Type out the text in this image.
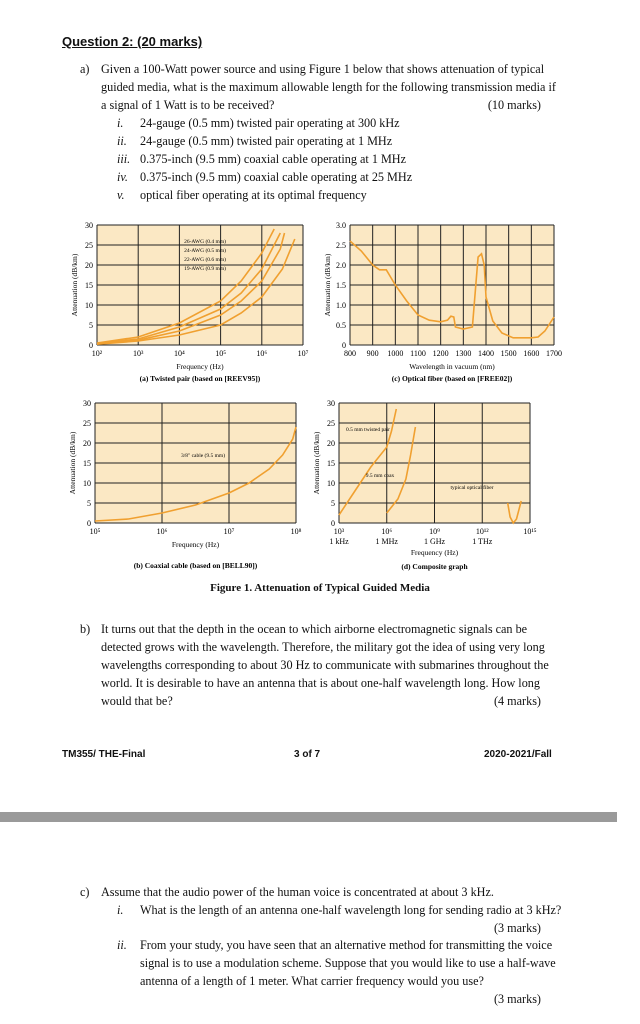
Question 2: (20 marks)
a) Given a 100-Watt power source and using Figure 1 below that shows attenuation of typical
guided media, what is the maximum allowable length for the following transmission media if
a signal of 1 Watt is to be received?	(10 marks)
i. 24-gauge (0.5 mm) twisted pair operating at 300 kHz
ii. 24-gauge (0.5 mm) twisted pair operating at 1 MHz
iii. 0.375-inch (9.5 mm) coaxial cable operating at 1 MHz
iv. 0.375-inch (9.5 mm) coaxial cable operating at 25 MHz
v. optical fiber operating at its optimal frequency
0
5
10
15
20
25
30
10²	10³	10⁴	10⁵	10⁶	10⁷
26-AWG (0.4 mm)
24-AWG (0.5 mm)
22-AWG (0.6 mm)
19-AWG (0.9 mm)
Frequency (Hz)
Attenuation (dB/km)
(a) Twisted pair (based on [REEV95])
0
0.5
1.0
1.5
2.0
2.5
3.0
800 900 1000 1100 1200 1300 1400 1500 1600 1700
Wavelength in vacuum (nm)
Attenuation (dB/km)
(c) Optical fiber (based on [FREE02])
0
5
10
15
20
25
30
10⁵	10⁶	10⁷	10⁸
3/8" cable (9.5 mm)
Frequency (Hz)
Attenuation (dB/km)
(b) Coaxial cable (based on [BELL90])
0
5
10
15
20
25
30
10³
1 kHz
10⁶
1 MHz
10⁹
1 GHz
10¹²
1 THz
10¹⁵
0.5 mm twisted pair
9.5 mm coax
typical optical fiber
Frequency (Hz)
Attenuation (dB/km)
(d) Composite graph
Figure 1. Attenuation of Typical Guided Media
b) It turns out that the depth in the ocean to which airborne electromagnetic signals can be
detected grows with the wavelength. Therefore, the military got the idea of using very long
wavelengths corresponding to about 30 Hz to communicate with submarines throughout the
world. It is desirable to have an antenna that is about one-half wavelength long. How long
would that be?	(4 marks)
TM355/ THE-Final	3 of 7	2020-2021/Fall
c) Assume that the audio power of the human voice is concentrated at about 3 kHz.
i. What is the length of an antenna one-half wavelength long for sending radio at 3 kHz?
(3 marks)
ii. From your study, you have seen that an alternative method for transmitting the voice
signal is to use a modulation scheme. Suppose that you would like to use a half-wave
antenna of a length of 1 meter. What carrier frequency would you use?
(3 marks)
